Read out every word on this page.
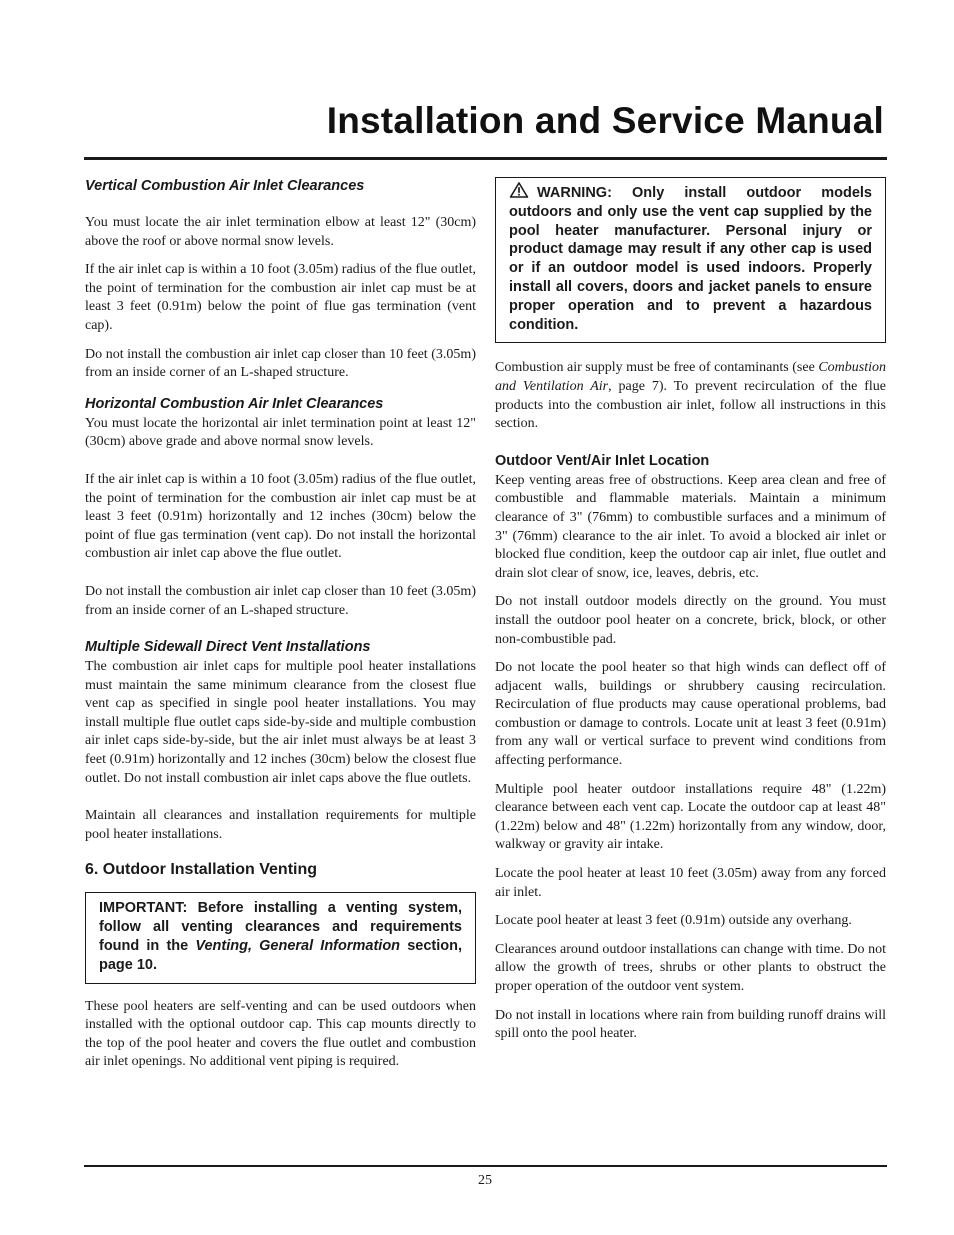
Installation and Service Manual
Vertical Combustion Air Inlet Clearances

You must locate the air inlet termination elbow at least 12" (30cm) above the roof or above normal snow levels.

If the air inlet cap is within a 10 foot (3.05m) radius of the flue outlet, the point of termination for the combustion air inlet cap must be at least 3 feet (0.91m) below the point of flue gas termination (vent cap).

Do not install the combustion air inlet cap closer than 10 feet (3.05m) from an inside corner of an L-shaped structure.

Horizontal Combustion Air Inlet Clearances

You must locate the horizontal air inlet termination point at least 12" (30cm) above grade and above normal snow levels.

If the air inlet cap is within a 10 foot (3.05m) radius of the flue outlet, the point of termination for the combustion air inlet cap must be at least 3 feet (0.91m) horizontally and 12 inches (30cm) below the point of flue gas termination (vent cap). Do not install the horizontal combustion air inlet cap above the flue outlet.

Do not install the combustion air inlet cap closer than 10 feet (3.05m) from an inside corner of an L-shaped structure.

Multiple Sidewall Direct Vent Installations

The combustion air inlet caps for multiple pool heater installations must maintain the same minimum clearance from the closest flue vent cap as specified in single pool heater installations. You may install multiple flue outlet caps side-by-side and multiple combustion air inlet caps side-by-side, but the air inlet must always be at least 3 feet (0.91m) horizontally and 12 inches (30cm) below the closest flue outlet. Do not install combustion air inlet caps above the flue outlets.

Maintain all clearances and installation requirements for multiple pool heater installations.

6. Outdoor Installation Venting
IMPORTANT: Before installing a venting system, follow all venting clearances and requirements found in the Venting, General Information section, page 10.

These pool heaters are self-venting and can be used outdoors when installed with the optional outdoor cap. This cap mounts directly to the top of the pool heater and covers the flue outlet and combustion air inlet openings. No additional vent piping is required.

WARNING: Only install outdoor models outdoors and only use the vent cap supplied by the pool heater manufacturer. Personal injury or product damage may result if any other cap is used or if an outdoor model is used indoors. Properly install all covers, doors and jacket panels to ensure proper operation and to prevent a hazardous condition.

Combustion air supply must be free of contaminants (see Combustion and Ventilation Air, page 7). To prevent recirculation of the flue products into the combustion air inlet, follow all instructions in this section.

Outdoor Vent/Air Inlet Location

Keep venting areas free of obstructions. Keep area clean and free of combustible and flammable materials. Maintain a minimum clearance of 3" (76mm) to combustible surfaces and a minimum of 3" (76mm) clearance to the air inlet. To avoid a blocked air inlet or blocked flue condition, keep the outdoor cap air inlet, flue outlet and drain slot clear of snow, ice, leaves, debris, etc.

Do not install outdoor models directly on the ground. You must install the outdoor pool heater on a concrete, brick, block, or other non-combustible pad.

Do not locate the pool heater so that high winds can deflect off of adjacent walls, buildings or shrubbery causing recirculation. Recirculation of flue products may cause operational problems, bad combustion or damage to controls. Locate unit at least 3 feet (0.91m) from any wall or vertical surface to prevent wind conditions from affecting performance.

Multiple pool heater outdoor installations require 48" (1.22m) clearance between each vent cap. Locate the outdoor cap at least 48" (1.22m) below and 48" (1.22m) horizontally from any window, door, walkway or gravity air intake.

Locate the pool heater at least 10 feet (3.05m) away from any forced air inlet.

Locate pool heater at least 3 feet (0.91m) outside any overhang.

Clearances around outdoor installations can change with time. Do not allow the growth of trees, shrubs or other plants to obstruct the proper operation of the outdoor vent system.

Do not install in locations where rain from building runoff drains will spill onto the pool heater.

25
